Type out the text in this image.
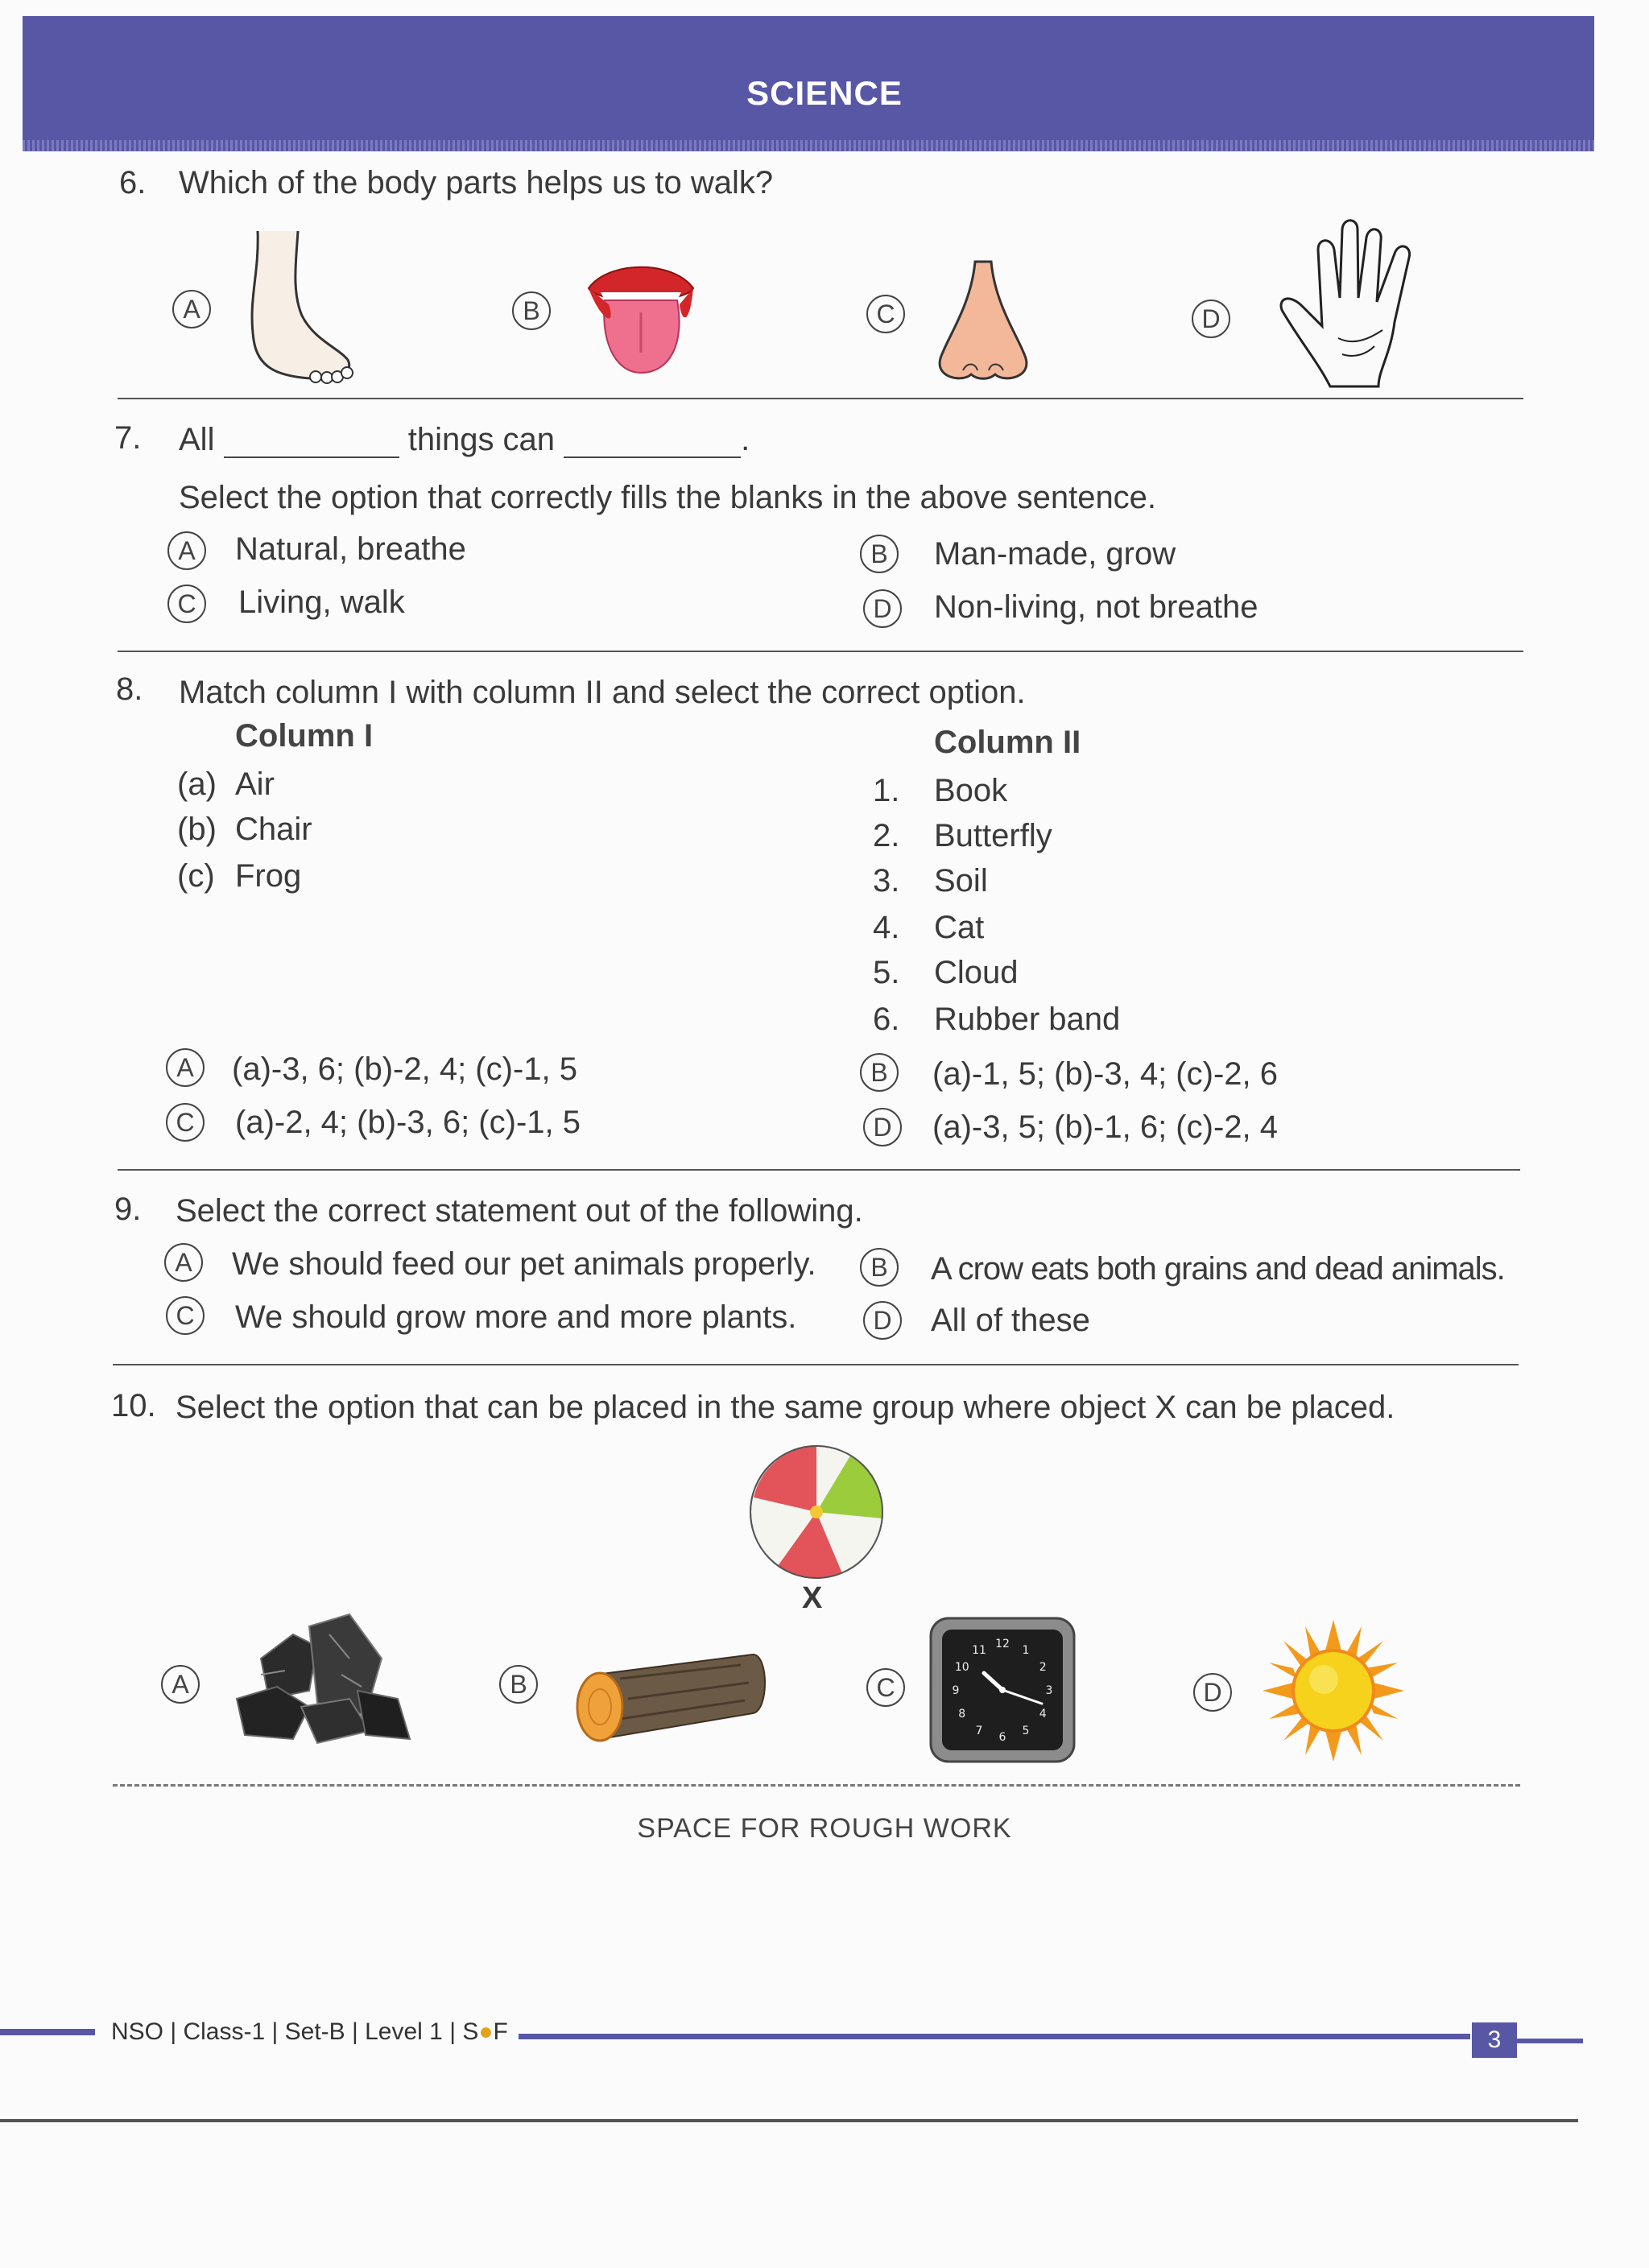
SCIENCE
6. Which of the body parts helps us to walk?
A	B	C	D
7. All	things can	.
Select the option that correctly fills the blanks in the above sentence.
A	Natural, breathe	B	Man-made, grow
C	Living, walk	D	Non-living, not breathe
8. Match column I with column II and select the correct option.
Column I	Column II
(a) Air
(b) Chair
(c) Frog
1. Book
2. Butterfly
3. Soil
4. Cat
5. Cloud
6. Rubber band
A	(a)-3, 6; (b)-2, 4; (c)-1, 5	B	(a)-1, 5; (b)-3, 4; (c)-2, 6
C	(a)-2, 4; (b)-3, 6; (c)-1, 5	D	(a)-3, 5; (b)-1, 6; (c)-2, 4
9. Select the correct statement out of the following.
A	We should feed our pet animals properly.	B	A crow eats both grains and dead animals.
C	We should grow more and more plants.	D	All of these
10. Select the option that can be placed in the same group where object X can be placed.
X
A	B	C
12 1
2
3
4
5
6
7
8
9
10
11
D
SPACE FOR ROUGH WORK
NSO | Class-1 | Set-B | Level 1 | S●F	3
